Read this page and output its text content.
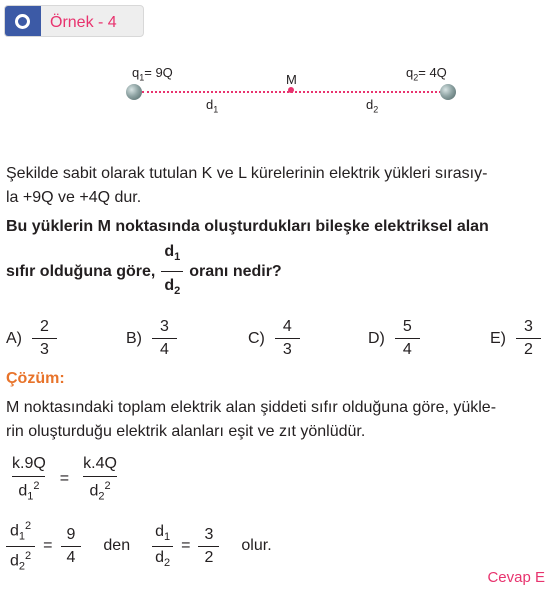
Örnek - 4
$q_1= 9Q$	$q_2= 4Q$
M
$d_1$	$d_2$
Şekilde sabit olarak tutulan K ve L kürelerinin elektrik yükleri sırasıy-
la +9Q ve +4Q dur.
Bu yüklerin M noktasında oluşturdukları bileşke elektriksel alan
sıfır olduğuna göre, $\frac{d_1}{d_2}$ oranı nedir?
$A) \frac{2}{3}$	$B) \frac{3}{4}$	$C) \frac{4}{3}$	$D) \frac{5}{4}$	$E) \frac{3}{2}$
Çözüm:
M noktasındaki toplam elektrik alan şiddeti sıfır olduğuna göre, yükle-
rin oluşturduğu elektrik alanları eşit ve zıt yönlüdür.
$\frac{k.9Q}{d_1^2} = \frac{k.4Q}{d_2^2}$
$\frac{d_1^2}{d_2^2} = \frac{9}{4}$ den $\frac{d_1}{d_2} = \frac{3}{2}$ olur.
Cevap E
